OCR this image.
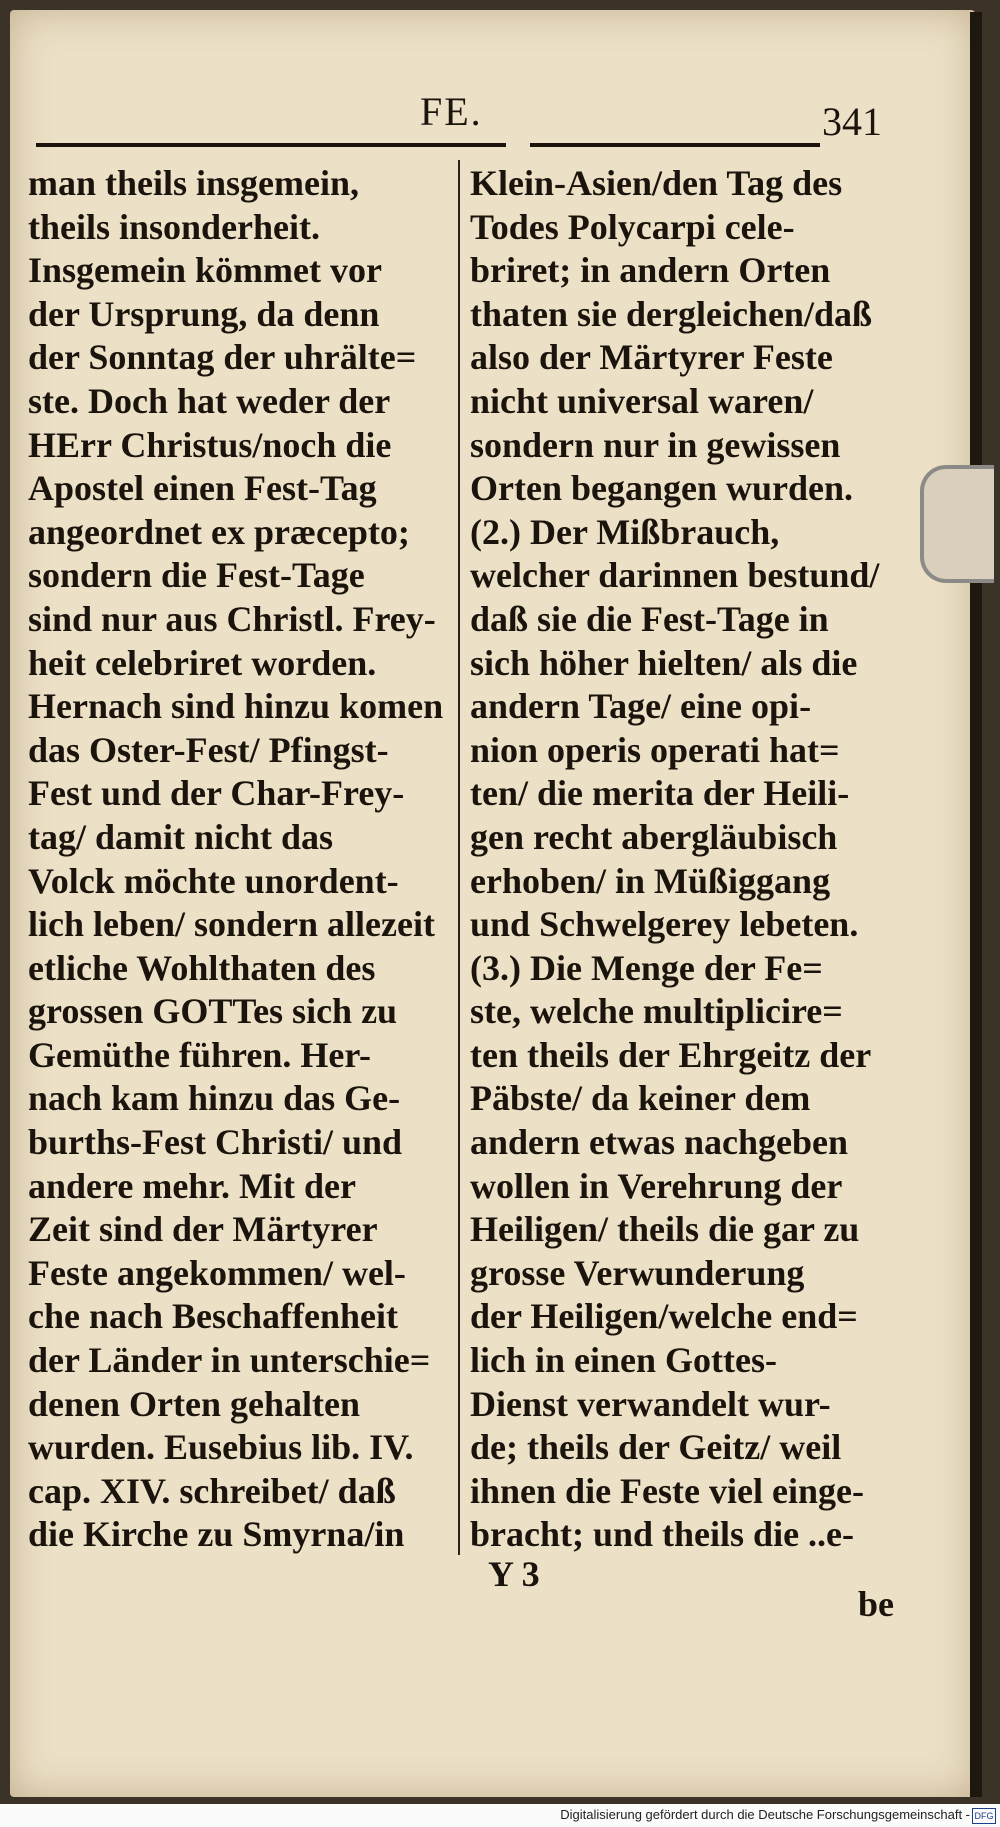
FE.	341
man theils insgemein,
theils insonderheit.
Insgemein kömmet vor
der Ursprung, da denn
der Sonntag der uhrälte=
ste. Doch hat weder der
HErr Christus/noch die
Apostel einen Fest-Tag
angeordnet ex præcepto;
sondern die Fest-Tage
sind nur aus Christl. Frey-
heit celebriret worden.
Hernach sind hinzu komen
das Oster-Fest/ Pfingst-
Fest und der Char-Frey-
tag/ damit nicht das
Volck möchte unordent-
lich leben/ sondern allezeit
etliche Wohlthaten des
grossen GOTTes sich zu
Gemüthe führen. Her-
nach kam hinzu das Ge-
burths-Fest Christi/ und
andere mehr. Mit der
Zeit sind der Märtyrer
Feste angekommen/ wel-
che nach Beschaffenheit
der Länder in unterschie=
denen Orten gehalten
wurden. Eusebius lib. IV.
cap. XIV. schreibet/ daß
die Kirche zu Smyrna/in
Klein-Asien/den Tag des
Todes Polycarpi cele-
briret; in andern Orten
thaten sie dergleichen/daß
also der Märtyrer Feste
nicht universal waren/
sondern nur in gewissen
Orten begangen wurden.
(2.) Der Mißbrauch,
welcher darinnen bestund/
daß sie die Fest-Tage in
sich höher hielten/ als die
andern Tage/ eine opi-
nion operis operati hat=
ten/ die merita der Heili-
gen recht abergläubisch
erhoben/ in Müßiggang
und Schwelgerey lebeten.
(3.) Die Menge der Fe=
ste, welche multiplicire=
ten theils der Ehrgeitz der
Päbste/ da keiner dem
andern etwas nachgeben
wollen in Verehrung der
Heiligen/ theils die gar zu
grosse Verwunderung
der Heiligen/welche end=
lich in einen Gottes-
Dienst verwandelt wur-
de; theils der Geitz/ weil
ihnen die Feste viel einge-
bracht; und theils die ..e-
Y 3
be
Digitalisierung gefördert durch die Deutsche Forschungsgemeinschaft - DFG
